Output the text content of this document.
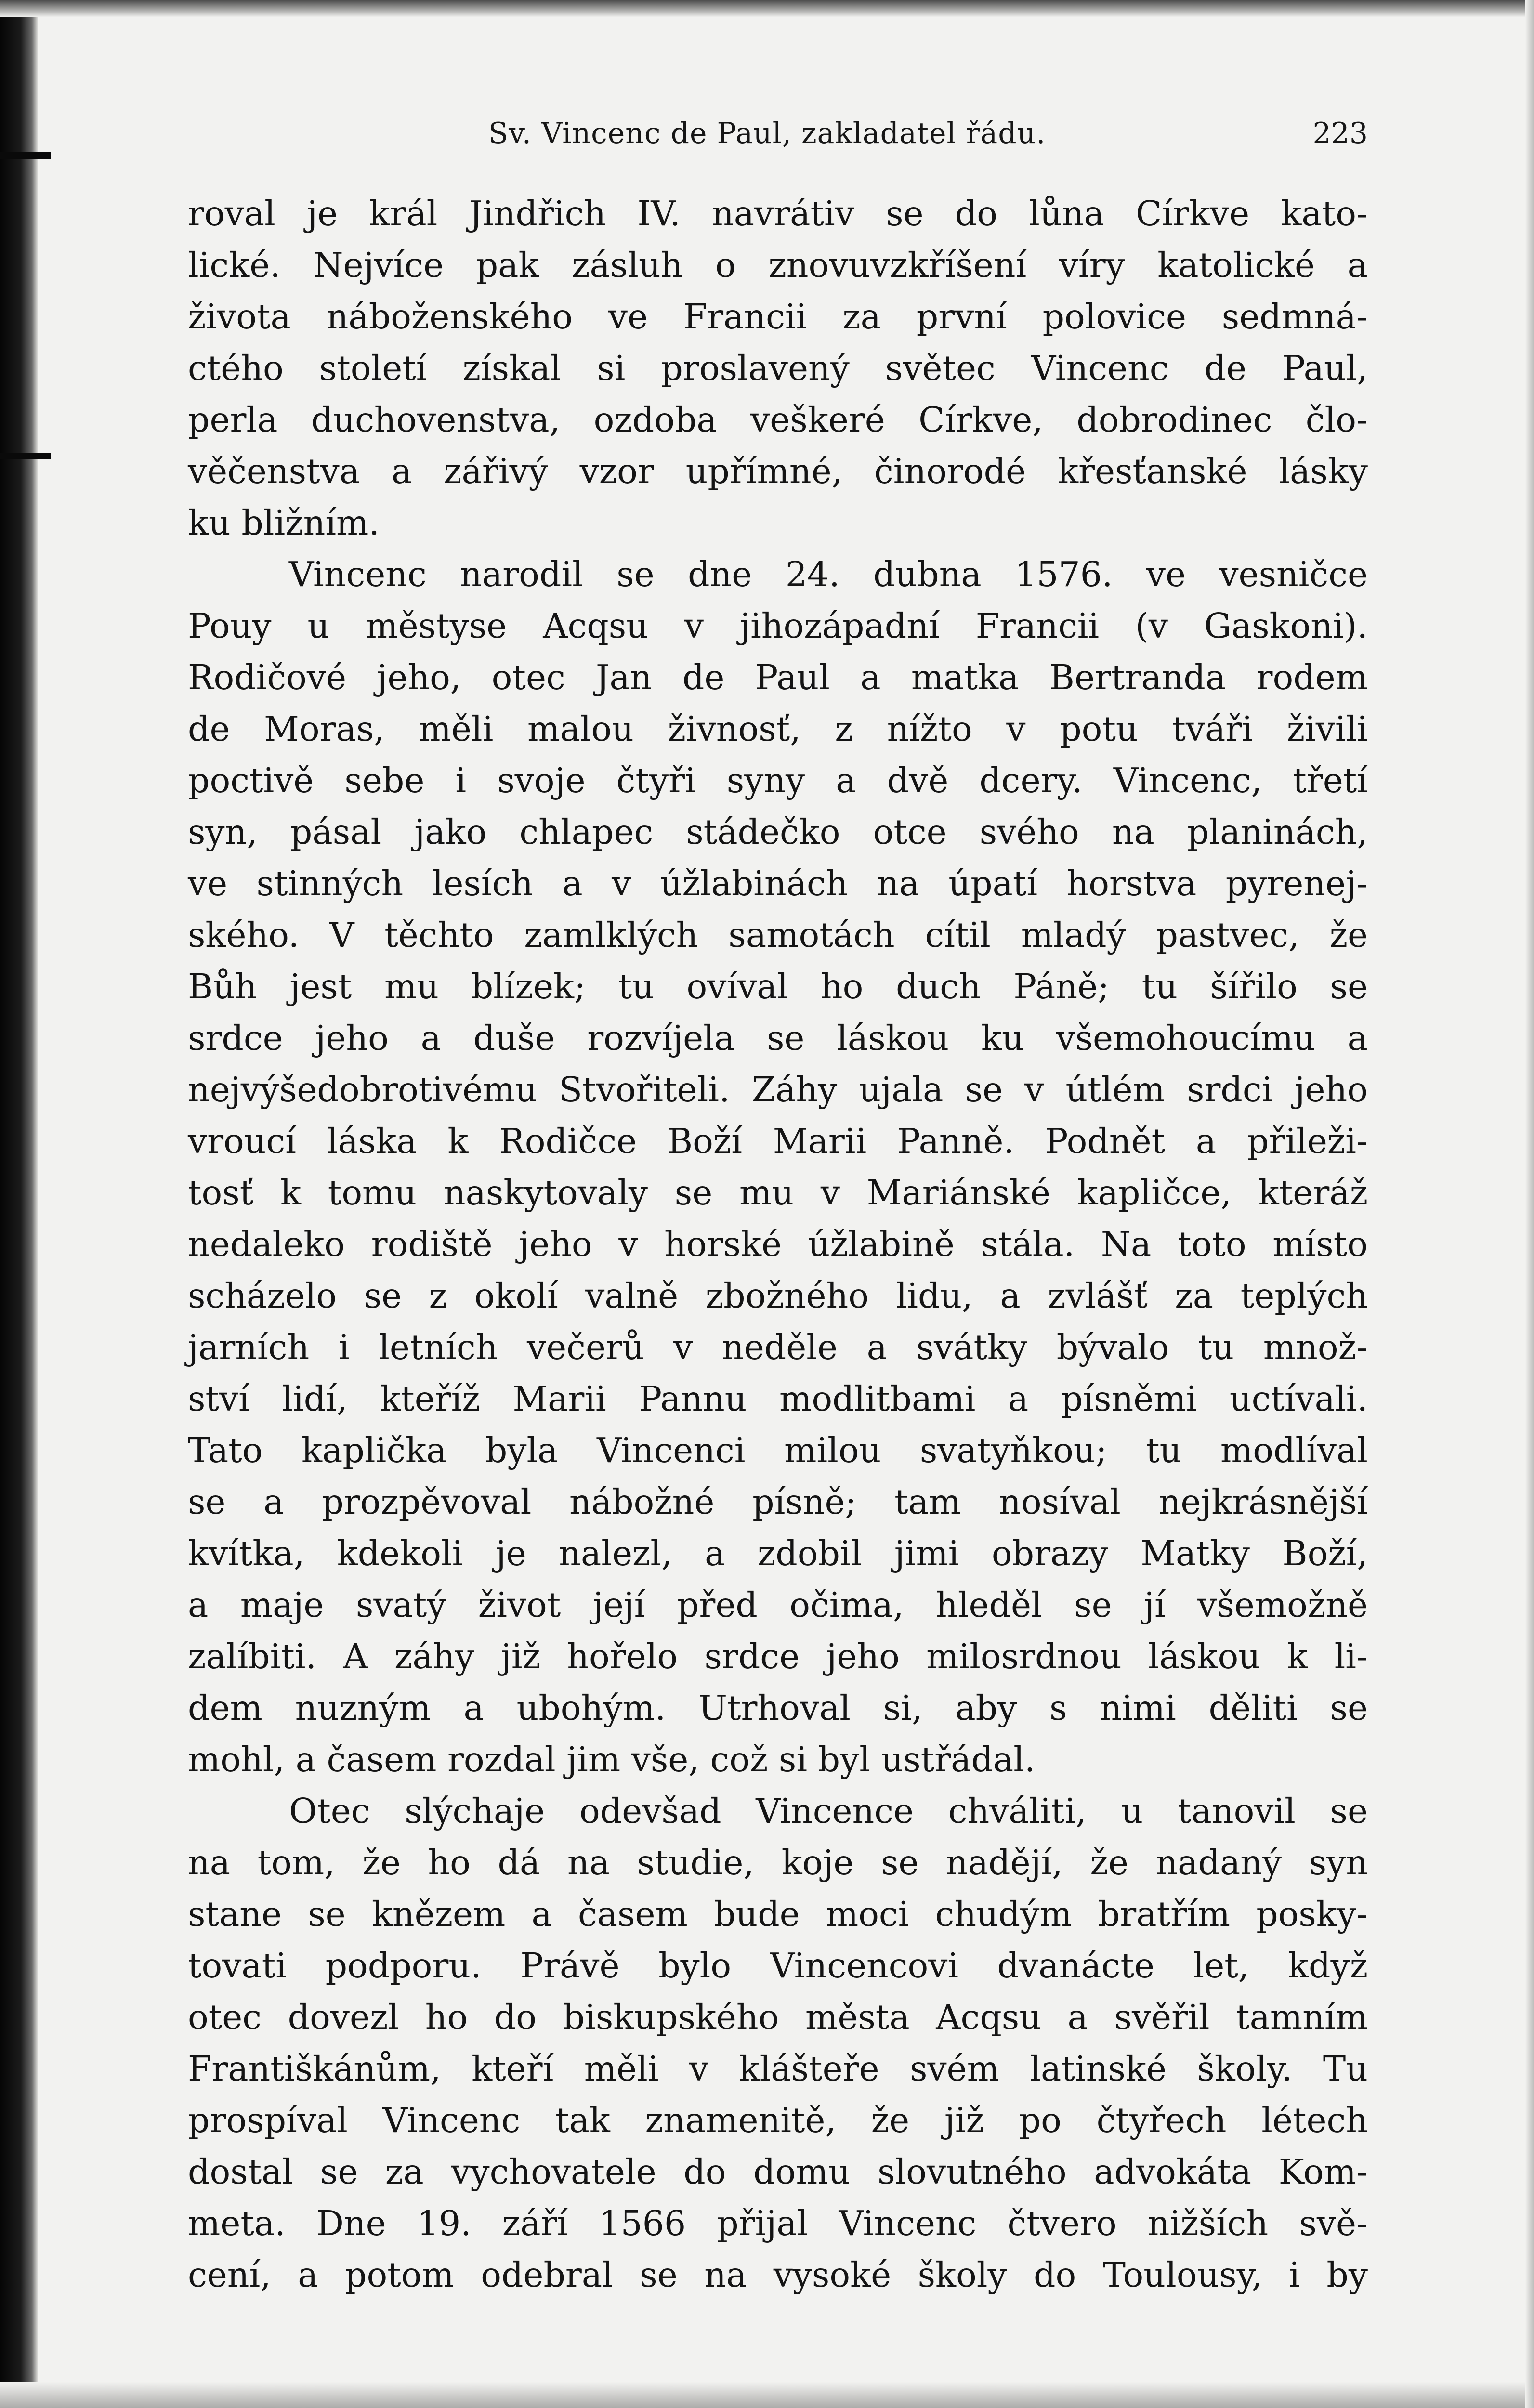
Sv. Vincenc de Paul, zakladatel řádu.	223
roval je král Jindřich IV. navrátiv se do lůna Církve kato-
lické. Nejvíce pak zásluh o znovuvzkříšení víry katolické a
života náboženského ve Francii za první polovice sedmná-
ctého století získal si proslavený světec Vincenc de Paul,
perla duchovenstva, ozdoba veškeré Církve, dobrodinec člo-
věčenstva a zářivý vzor upřímné, činorodé křesťanské lásky
ku bližním.
Vincenc narodil se dne 24. dubna 1576. ve vesničce
Pouy u městyse Acqsu v jihozápadní Francii (v Gaskoni).
Rodičové jeho, otec Jan de Paul a matka Bertranda rodem
de Moras, měli malou živnosť, z nížto v potu tváři živili
poctivě sebe i svoje čtyři syny a dvě dcery. Vincenc, třetí
syn, pásal jako chlapec stádečko otce svého na planinách,
ve stinných lesích a v úžlabinách na úpatí horstva pyrenej-
ského. V těchto zamlklých samotách cítil mladý pastvec, že
Bůh jest mu blízek; tu ovíval ho duch Páně; tu šířilo se
srdce jeho a duše rozvíjela se láskou ku všemohoucímu a
nejvýšedobrotivému Stvořiteli. Záhy ujala se v útlém srdci jeho
vroucí láska k Rodičce Boží Marii Panně. Podnět a přileži-
tosť k tomu naskytovaly se mu v Mariánské kapličce, kteráž
nedaleko rodiště jeho v horské úžlabině stála. Na toto místo
scházelo se z okolí valně zbožného lidu, a zvlášť za teplých
jarních i letních večerů v neděle a svátky bývalo tu množ-
ství lidí, kteříž Marii Pannu modlitbami a písněmi uctívali.
Tato kaplička byla Vincenci milou svatyňkou; tu modlíval
se a prozpěvoval nábožné písně; tam nosíval nejkrásnější
kvítka, kdekoli je nalezl, a zdobil jimi obrazy Matky Boží,
a maje svatý život její před očima, hleděl se jí všemožně
zalíbiti. A záhy již hořelo srdce jeho milosrdnou láskou k li-
dem nuzným a ubohým. Utrhoval si, aby s nimi děliti se
mohl, a časem rozdal jim vše, což si byl ustřádal.
Otec slýchaje odevšad Vincence chváliti, u tanovil se
na tom, že ho dá na studie, koje se nadějí, že nadaný syn
stane se knězem a časem bude moci chudým bratřím posky-
tovati podporu. Právě bylo Vincencovi dvanácte let, když
otec dovezl ho do biskupského města Acqsu a svěřil tamním
Františkánům, kteří měli v klášteře svém latinské školy. Tu
prospíval Vincenc tak znamenitě, že již po čtyřech létech
dostal se za vychovatele do domu slovutného advokáta Kom-
meta. Dne 19. září 1566 přijal Vincenc čtvero nižších svě-
cení, a potom odebral se na vysoké školy do Toulousy, i by
